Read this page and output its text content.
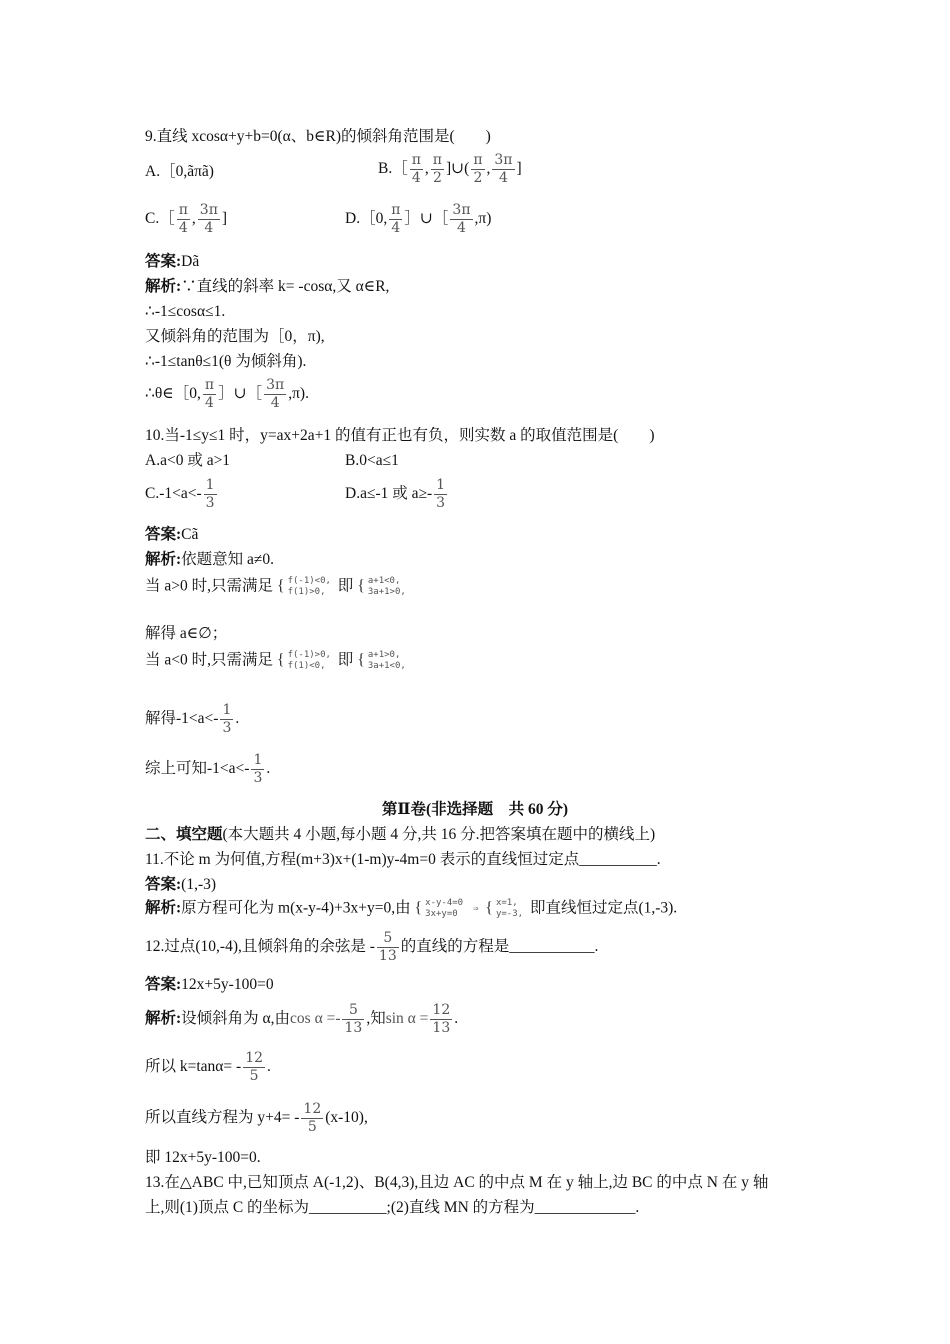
9.直线 xcosα+y+b=0(α、b∈R)的倾斜角范围是(　　)
A.［0,ãπã)	B.［ $\frac{\pi}{4}$ , $\frac{\pi}{2}$ ]∪( $\frac{\pi}{2}$ , $\frac{3\pi}{4}$ ]
C.［ $\frac{\pi}{4}$ , $\frac{3\pi}{4}$ ]	D.［0, $\frac{\pi}{4}$ ］∪［ $\frac{3\pi}{4} ,\pi$)
答案:Dã
解析:∵直线的斜率 k= -cosα,又 α∈R,
∴-1≤cosα≤1.
又倾斜角的范围为［0，π),
∴-1≤tanθ≤1(θ 为倾斜角).
∴θ∈［0, $\frac{\pi}{4}$ ］∪［ $\frac{3\pi}{4} ,\pi$).
10.当-1≤y≤1 时，y=ax+2a+1 的值有正也有负，则实数 a 的取值范围是(　　)
A.a<0 或 a>1	B.0<a≤1
$C.-1<a<- \frac{1}{3}$	D.a≤-1 或 $a\ge- \frac{1}{3}$
答案:Cã
解析:依题意知 a≠0.
当 a>0 时,只需满足 { f(-1)<0,
f(1)>0, 即 { a+1<0,
3a+1>0,
解得 a∈∅；
当 a<0 时,只需满足 { f(-1)>0,
f(1)<0, 即 { a+1>0,
3a+1<0,
解得$-1<a<- \frac{1}{3}$ .
综上可知$-1<a<- \frac{1}{3}$ .
第Ⅱ卷(非选择题　共 60 分)
二、填空题(本大题共 4 小题,每小题 4 分,共 16 分.把答案填在题中的横线上)
11.不论 m 为何值,方程(m+3)x+(1-m)y-4m=0 表示的直线恒过定点__________.
答案:(1,-3)
解析:原方程可化为 m(x-y-4)+3x+y=0,由 { x-y-4=0
3x+y=0
⇒ { x=1,
y=-3, 即直线恒过定点(1,-3).
12.过点(10,-4),且倾斜角的余弦是 - $\frac{5}{13}$ 的直线的方程是___________.
答案:12x+5y-100=0
解析:设倾斜角为 α,由$\cos \alpha =- \frac{5}{13}$ ,知$\sin \alpha = \frac{12}{13}$ .
所以 $k=\tan\alpha= - \frac{12}{5}$ .
所以直线方程为 $y+4= - \frac{12}{5} (x-10)$,
即 12x+5y-100=0.
13.在△ABC 中,已知顶点 A(-1,2)、B(4,3),且边 AC 的中点 M 在 y 轴上,边 BC 的中点 N 在 y 轴
上,则(1)顶点 C 的坐标为__________;(2)直线 MN 的方程为_____________.
